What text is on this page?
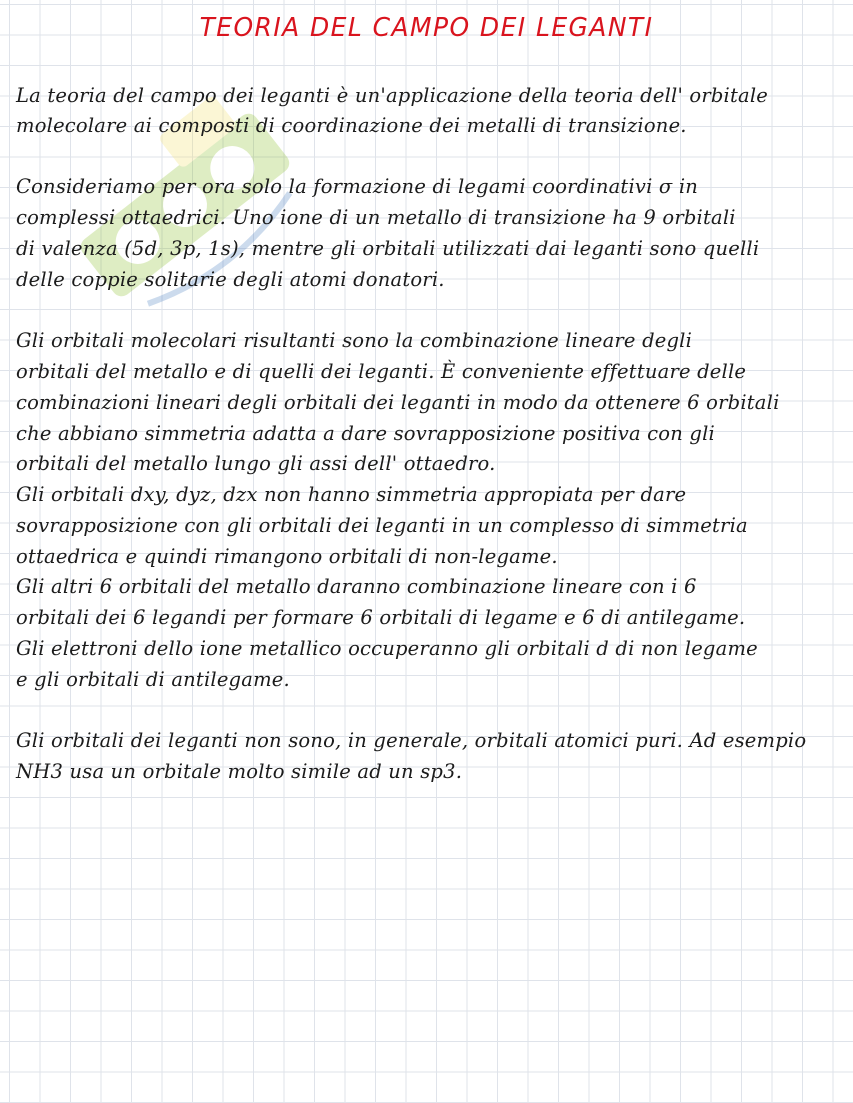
TEORIA DEL CAMPO DEI LEGANTI
La teoria del campo dei leganti è un'applicazione della teoria dell' orbitale
molecolare ai composti di coordinazione dei metalli di transizione.
Consideriamo per ora solo la formazione di legami coordinativi σ in
complessi ottaedrici. Uno ione di un metallo di transizione ha 9 orbitali
di valenza (5d, 3p, 1s), mentre gli orbitali utilizzati dai leganti sono quelli
delle coppie solitarie degli atomi donatori.
Gli orbitali molecolari risultanti sono la combinazione lineare degli
orbitali del metallo e di quelli dei leganti. È conveniente effettuare delle
combinazioni lineari degli orbitali dei leganti in modo da ottenere 6 orbitali
che abbiano simmetria adatta a dare sovrapposizione positiva con gli
orbitali del metallo lungo gli assi dell' ottaedro.
Gli orbitali dxy, dyz, dzx non hanno simmetria appropiata per dare
sovrapposizione con gli orbitali dei leganti in un complesso di simmetria
ottaedrica e quindi rimangono orbitali di non-legame.
Gli altri 6 orbitali del metallo daranno combinazione lineare con i 6
orbitali dei 6 legandi per formare 6 orbitali di legame e 6 di antilegame.
Gli elettroni dello ione metallico occuperanno gli orbitali d di non legame
e gli orbitali di antilegame.
Gli orbitali dei leganti non sono, in generale, orbitali atomici puri. Ad esempio
NH3 usa un orbitale molto simile ad un sp3.
